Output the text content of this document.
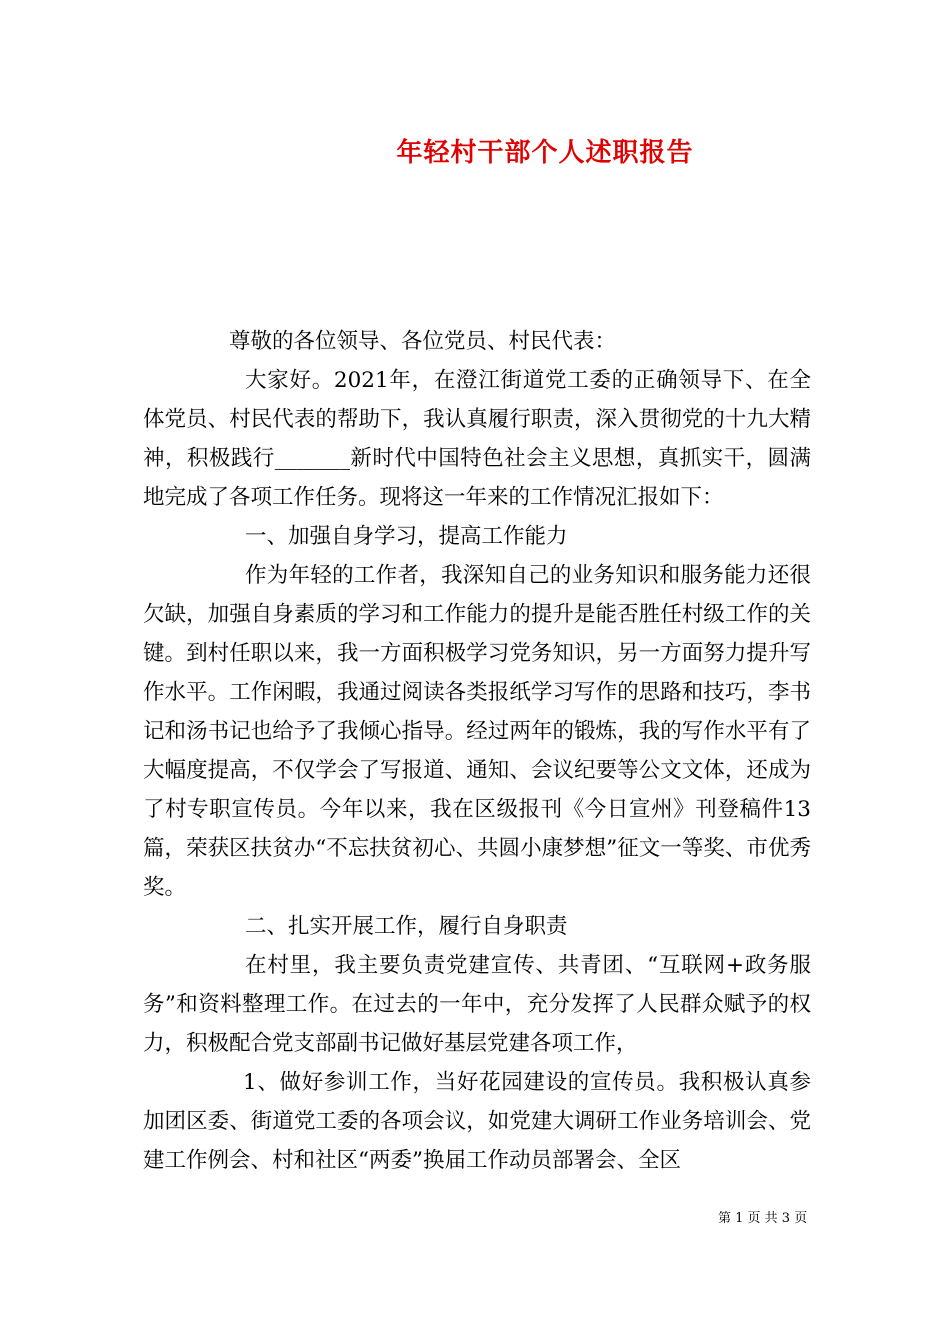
年轻村干部个人述职报告

尊敬的各位领导、各位党员、村民代表：

大家好。2021年，在澄江街道党工委的正确领导下、在全体党员、村民代表的帮助下，我认真履行职责，深入贯彻党的十九大精神，积极践行_______新时代中国特色社会主义思想，真抓实干，圆满地完成了各项工作任务。现将这一年来的工作情况汇报如下：

一、加强自身学习，提高工作能力

作为年轻的工作者，我深知自己的业务知识和服务能力还很欠缺，加强自身素质的学习和工作能力的提升是能否胜任村级工作的关键。到村任职以来，我一方面积极学习党务知识，另一方面努力提升写作水平。工作闲暇，我通过阅读各类报纸学习写作的思路和技巧，李书记和汤书记也给予了我倾心指导。经过两年的锻炼，我的写作水平有了大幅度提高，不仅学会了写报道、通知、会议纪要等公文文体，还成为了村专职宣传员。今年以来，我在区级报刊《今日宣州》刊登稿件13篇，荣获区扶贫办“不忘扶贫初心、共圆小康梦想”征文一等奖、市优秀奖。

二、扎实开展工作，履行自身职责

在村里，我主要负责党建宣传、共青团、“互联网+政务服务”和资料整理工作。在过去的一年中，充分发挥了人民群众赋予的权力，积极配合党支部副书记做好基层党建各项工作，

1、做好参训工作，当好花园建设的宣传员。我积极认真参加团区委、街道党工委的各项会议，如党建大调研工作业务培训会、党建工作例会、村和社区“两委”换届工作动员部署会、全区

第 1 页 共 3 页
